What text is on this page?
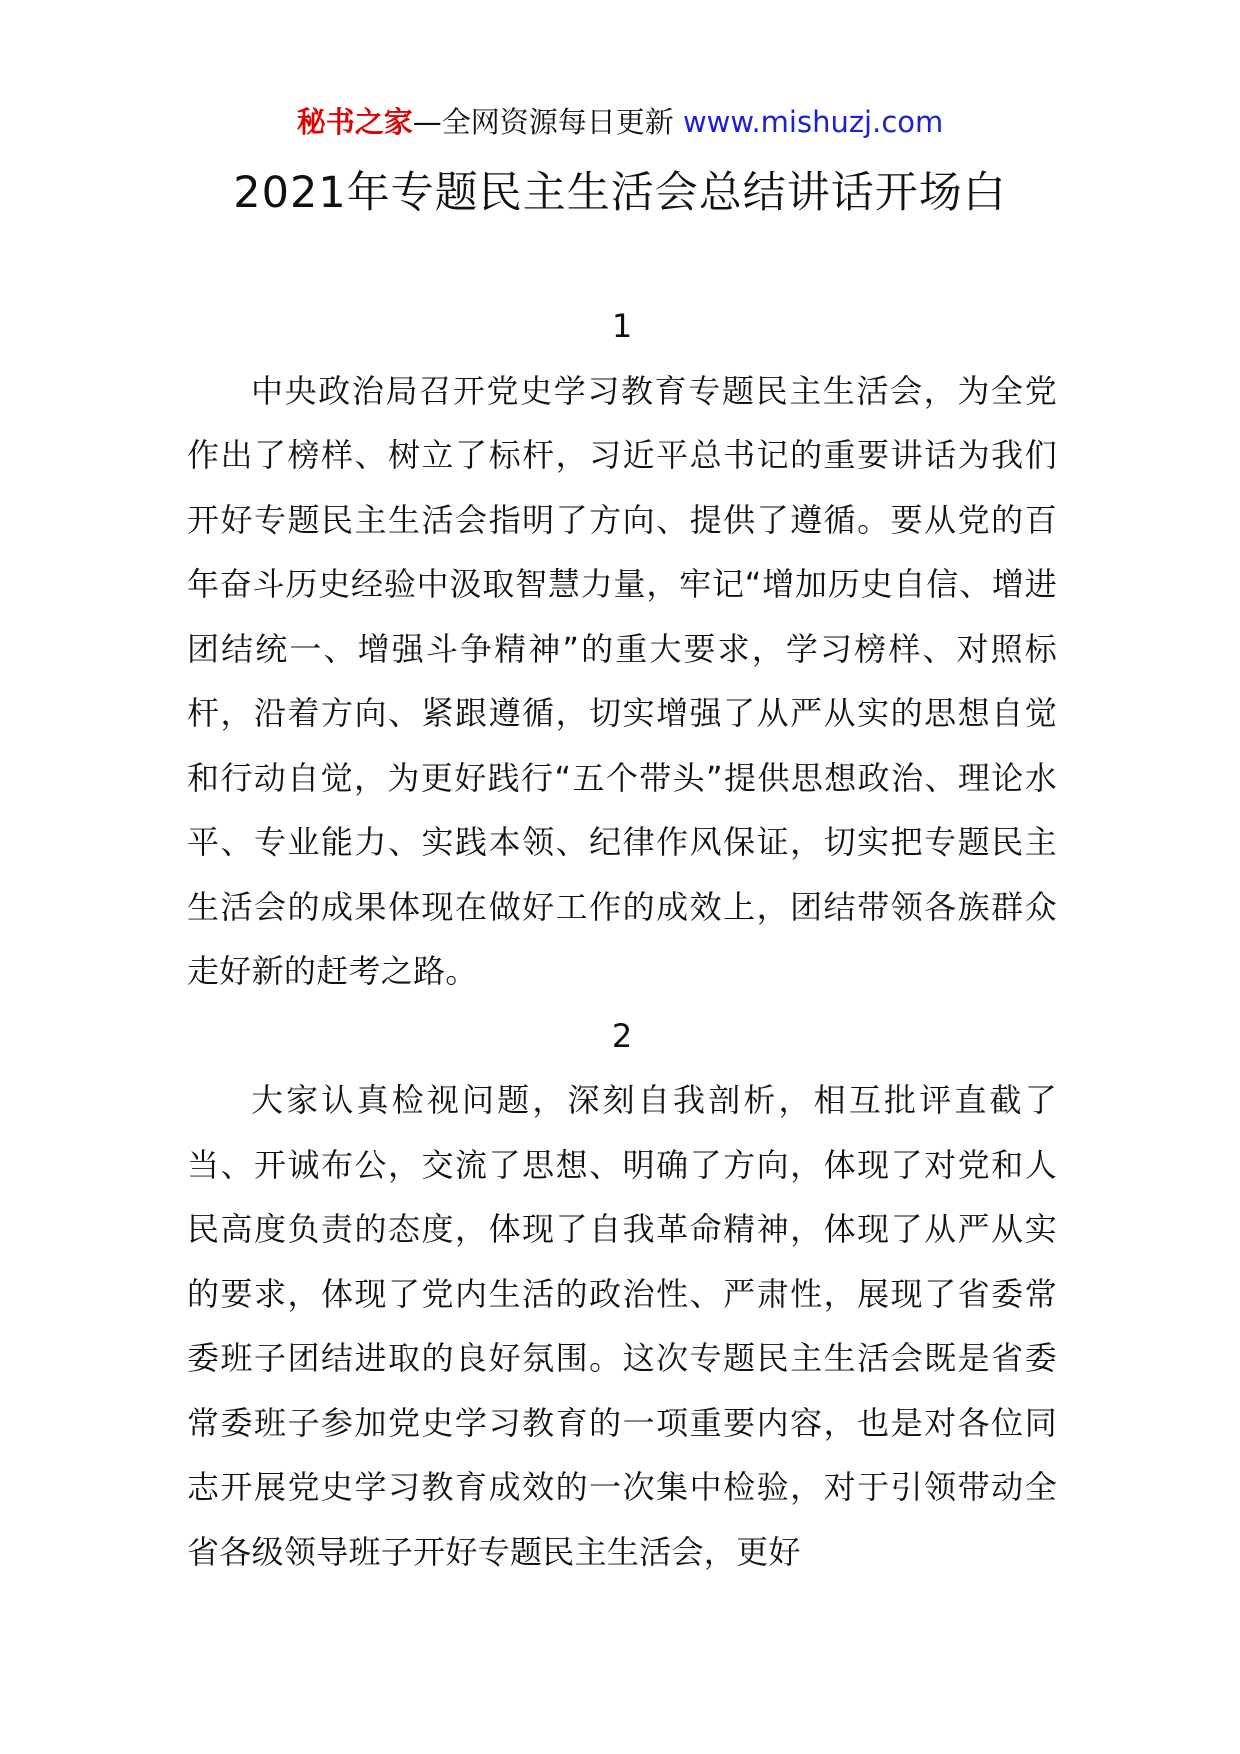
秘书之家—全网资源每日更新 www.mishuzj.com
2021年专题民主生活会总结讲话开场白
1

中央政治局召开党史学习教育专题民主生活会，为全党作出了榜样、树立了标杆，习近平总书记的重要讲话为我们开好专题民主生活会指明了方向、提供了遵循。要从党的百年奋斗历史经验中汲取智慧力量，牢记“增加历史自信、增进团结统一、增强斗争精神”的重大要求，学习榜样、对照标杆，沿着方向、紧跟遵循，切实增强了从严从实的思想自觉和行动自觉，为更好践行“五个带头”提供思想政治、理论水平、专业能力、实践本领、纪律作风保证，切实把专题民主生活会的成果体现在做好工作的成效上，团结带领各族群众走好新的赶考之路。

2

大家认真检视问题，深刻自我剖析，相互批评直截了当、开诚布公，交流了思想、明确了方向，体现了对党和人民高度负责的态度，体现了自我革命精神，体现了从严从实的要求，体现了党内生活的政治性、严肃性，展现了省委常委班子团结进取的良好氛围。这次专题民主生活会既是省委常委班子参加党史学习教育的一项重要内容，也是对各位同志开展党史学习教育成效的一次集中检验，对于引领带动全省各级领导班子开好专题民主生活会，更好
